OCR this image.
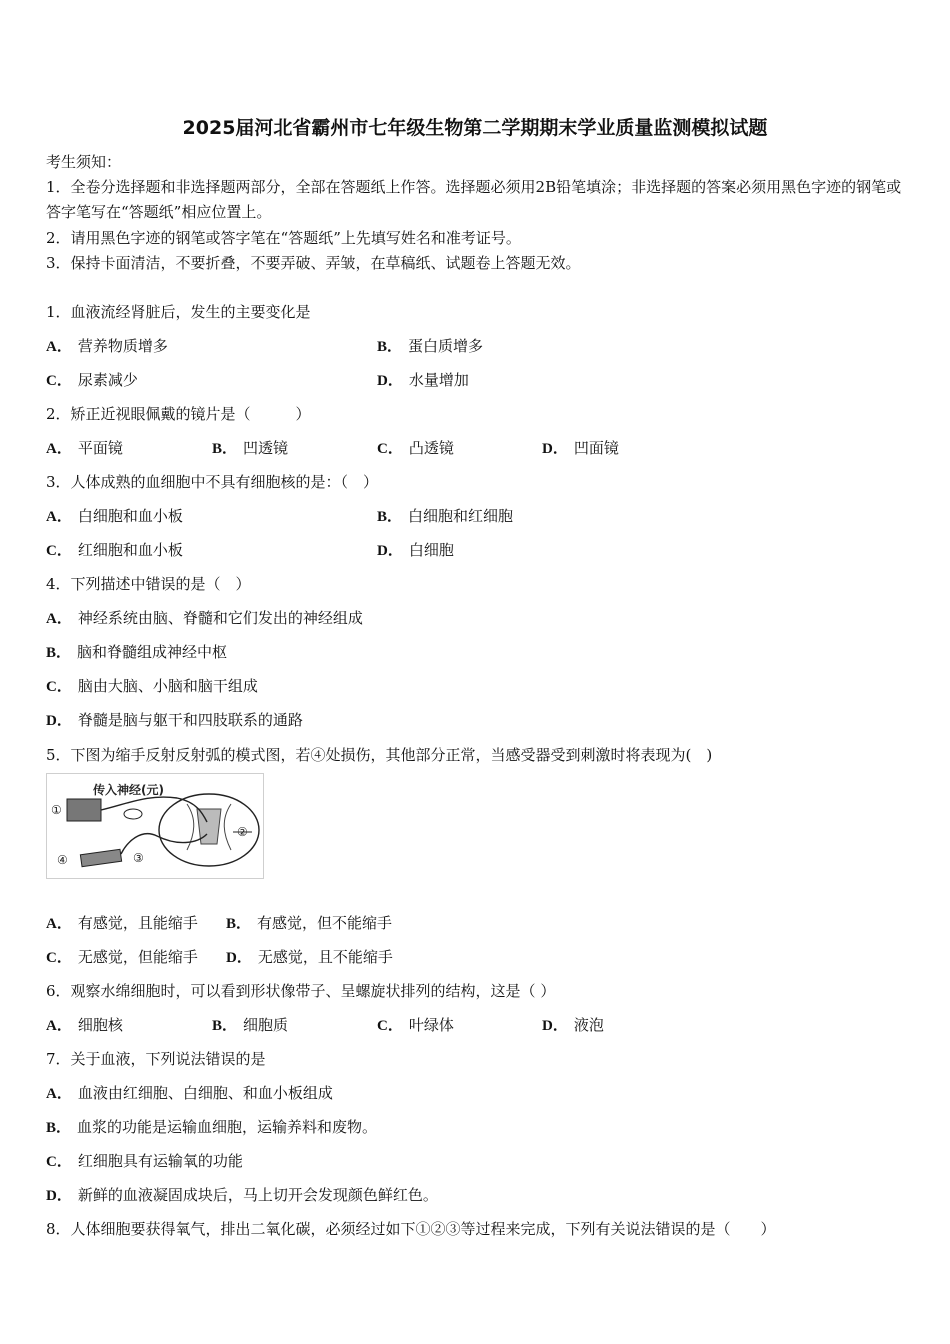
2025届河北省霸州市七年级生物第二学期期末学业质量监测模拟试题
考生须知：
1．全卷分选择题和非选择题两部分，全部在答题纸上作答。选择题必须用2B铅笔填涂；非选择题的答案必须用黑色字迹的钢笔或答字笔写在“答题纸”相应位置上。
2．请用黑色字迹的钢笔或答字笔在“答题纸”上先填写姓名和准考证号。
3．保持卡面清洁，不要折叠，不要弄破、弄皱，在草稿纸、试题卷上答题无效。
1．血液流经肾脏后，发生的主要变化是
A． 营养物质增多	B． 蛋白质增多
C． 尿素减少	D． 水量增加
2．矫正近视眼佩戴的镜片是（　　　）
A． 平面镜	B． 凹透镜	C． 凸透镜	D． 凹面镜
3．人体成熟的血细胞中不具有细胞核的是：（　）
A． 白细胞和血小板	B． 白细胞和红细胞
C． 红细胞和血小板	D． 白细胞
4．下列描述中错误的是（　）
A． 神经系统由脑、脊髓和它们发出的神经组成
B． 脑和脊髓组成神经中枢
C． 脑由大脑、小脑和脑干组成
D． 脊髓是脑与躯干和四肢联系的通路
5．下图为缩手反射反射弧的模式图，若④处损伤，其他部分正常，当感受器受到刺激时将表现为(　)
传入神经(元)
①
②
③
④
A． 有感觉，且能缩手 B． 有感觉，但不能缩手
C． 无感觉，但能缩手 D． 无感觉，且不能缩手
6．观察水绵细胞时，可以看到形状像带子、呈螺旋状排列的结构，这是（ ）
A． 细胞核	B． 细胞质	C． 叶绿体	D． 液泡
7．关于血液，下列说法错误的是
A． 血液由红细胞、白细胞、和血小板组成
B． 血浆的功能是运输血细胞，运输养料和废物。
C． 红细胞具有运输氧的功能
D． 新鲜的血液凝固成块后，马上切开会发现颜色鲜红色。
8．人体细胞要获得氧气，排出二氧化碳，必须经过如下①②③等过程来完成，下列有关说法错误的是（　　）
